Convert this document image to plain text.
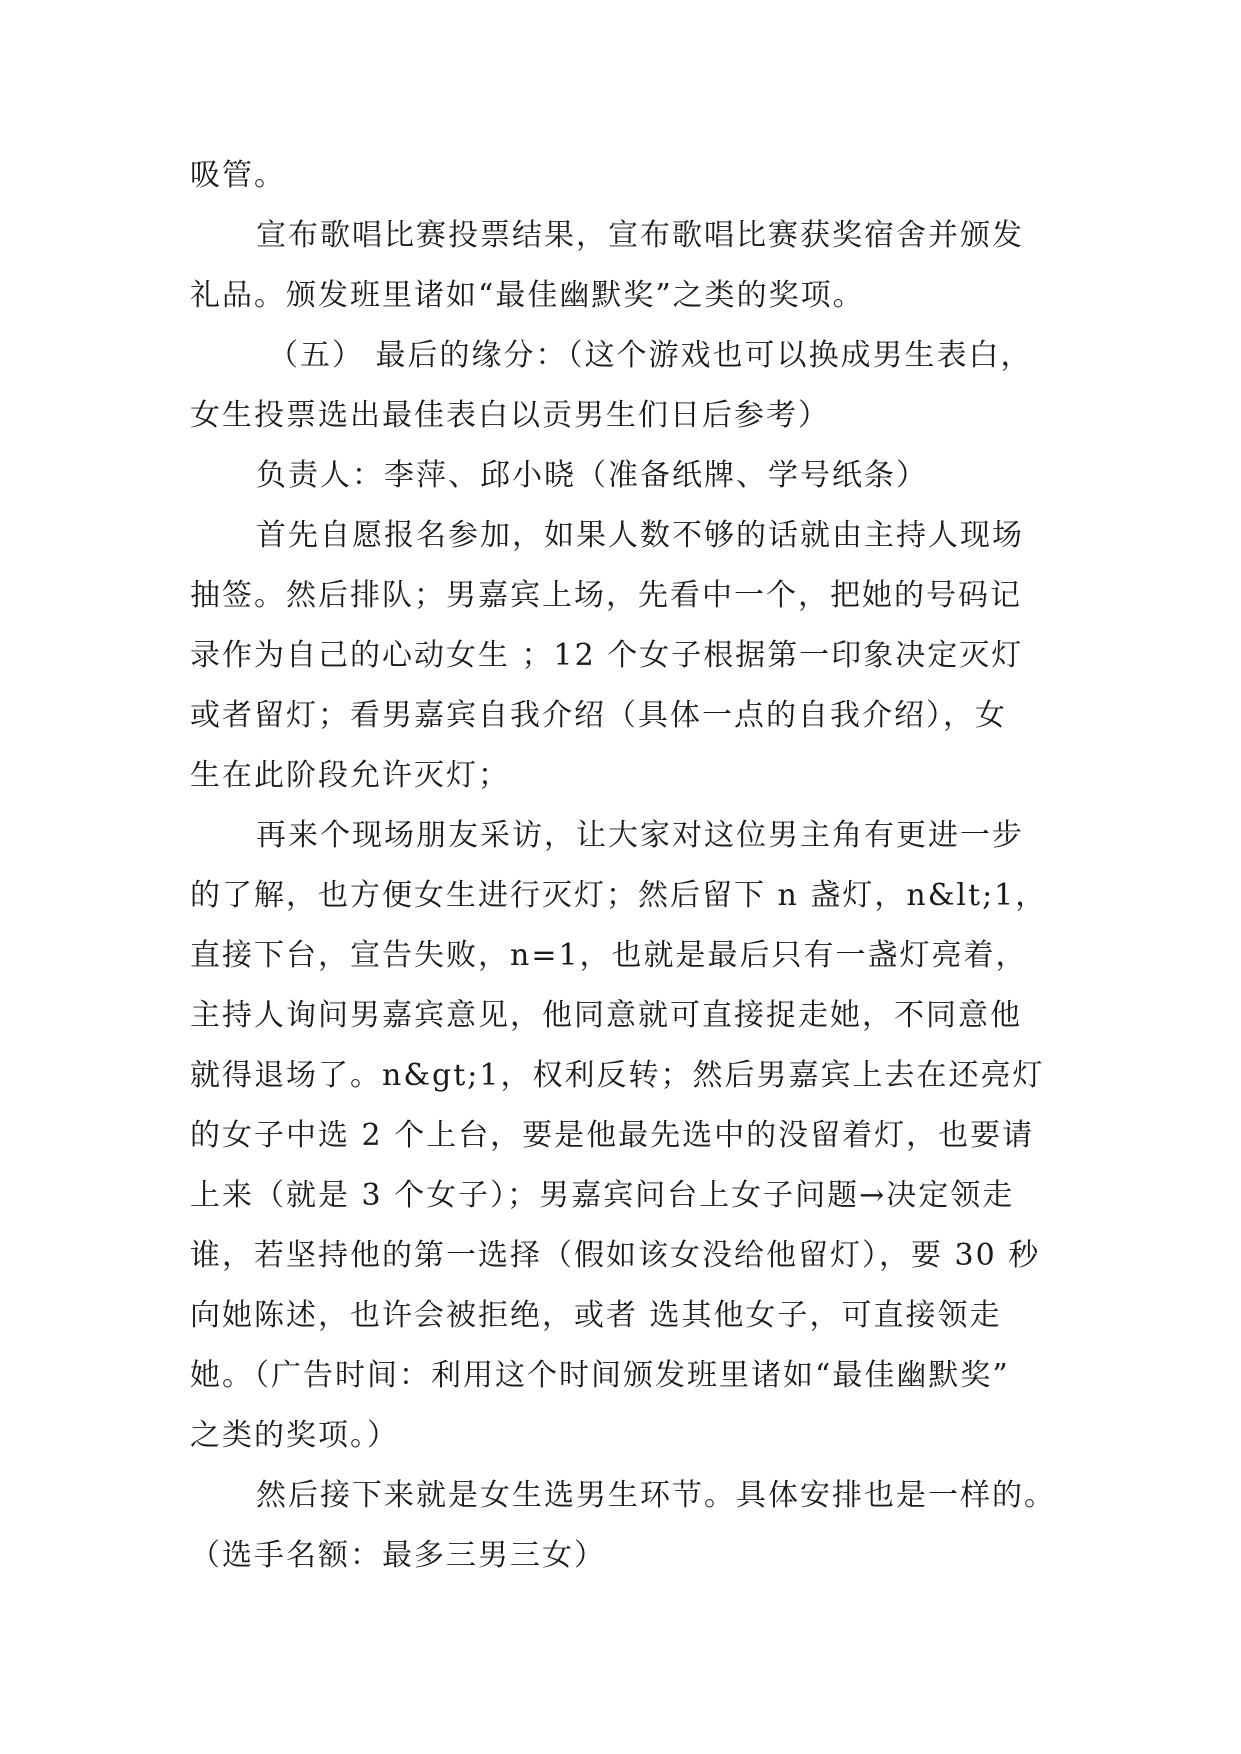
吸管。
宣布歌唱比赛投票结果，宣布歌唱比赛获奖宿舍并颁发
礼品。颁发班里诸如“最佳幽默奖”之类的奖项。
（五） 最后的缘分：（这个游戏也可以换成男生表白，
女生投票选出最佳表白以贡男生们日后参考）
负责人：李萍、邱小晓（准备纸牌、学号纸条）
首先自愿报名参加，如果人数不够的话就由主持人现场
抽签。然后排队；男嘉宾上场，先看中一个，把她的号码记
录作为自己的心动女生 ；12 个女子根据第一印象决定灭灯
或者留灯；看男嘉宾自我介绍（具体一点的自我介绍），女
生在此阶段允许灭灯；
再来个现场朋友采访，让大家对这位男主角有更进一步
的了解，也方便女生进行灭灯；然后留下 n 盏灯，n&lt;1，
直接下台，宣告失败，n=1，也就是最后只有一盏灯亮着，
主持人询问男嘉宾意见，他同意就可直接捉走她，不同意他
就得退场了。n&gt;1，权利反转；然后男嘉宾上去在还亮灯
的女子中选 2 个上台，要是他最先选中的没留着灯，也要请
上来（就是 3 个女子）；男嘉宾问台上女子问题→决定领走
谁，若坚持他的第一选择（假如该女没给他留灯），要 30 秒
向她陈述，也许会被拒绝，或者 选其他女子，可直接领走
她。（广告时间：利用这个时间颁发班里诸如“最佳幽默奖”
之类的奖项。）
然后接下来就是女生选男生环节。具体安排也是一样的。
（选手名额：最多三男三女）
